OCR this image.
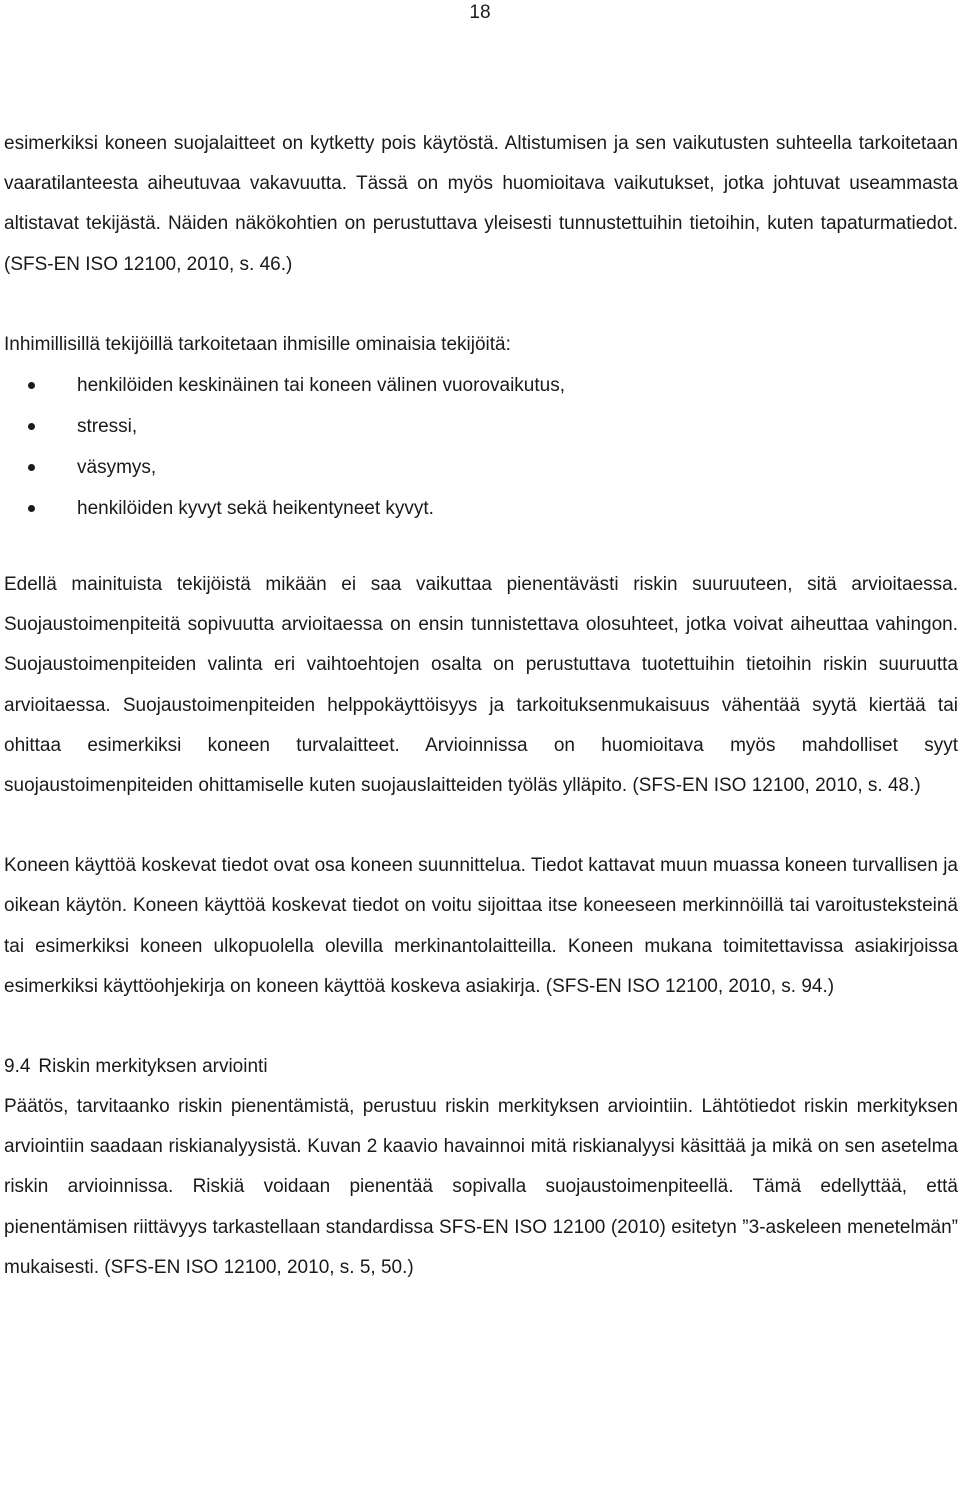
18

esimerkiksi koneen suojalaitteet on kytketty pois käytöstä. Altistumisen ja sen vaikutusten suhteella tarkoitetaan vaaratilanteesta aiheutuvaa vakavuutta. Tässä on myös huomioitava vaikutukset, jotka johtuvat useammasta altistavat tekijästä. Näiden näkökohtien on perustuttava yleisesti tunnustettuihin tietoihin, kuten tapaturmatiedot. (SFS-EN ISO 12100, 2010, s. 46.)

Inhimillisillä tekijöillä tarkoitetaan ihmisille ominaisia tekijöitä:

henkilöiden keskinäinen tai koneen välinen vuorovaikutus,
stressi,
väsymys,
henkilöiden kyvyt sekä heikentyneet kyvyt.

Edellä mainituista tekijöistä mikään ei saa vaikuttaa pienentävästi riskin suuruuteen, sitä arvioitaessa. Suojaustoimenpiteitä sopivuutta arvioitaessa on ensin tunnistettava olosuhteet, jotka voivat aiheuttaa vahingon. Suojaustoimenpiteiden valinta eri vaihtoehtojen osalta on perustuttava tuotettuihin tietoihin riskin suuruutta arvioitaessa. Suojaustoimenpiteiden helppokäyttöisyys ja tarkoituksenmukaisuus vähentää syytä kiertää tai ohittaa esimerkiksi koneen turvalaitteet. Arvioinnissa on huomioitava myös mahdolliset syyt suojaustoimenpiteiden ohittamiselle kuten suojauslaitteiden työläs ylläpito. (SFS-EN ISO 12100, 2010, s. 48.)

Koneen käyttöä koskevat tiedot ovat osa koneen suunnittelua. Tiedot kattavat muun muassa koneen turvallisen ja oikean käytön. Koneen käyttöä koskevat tiedot on voitu sijoittaa itse koneeseen merkinnöillä tai varoitusteksteinä tai esimerkiksi koneen ulkopuolella olevilla merkinantolaitteilla. Koneen mukana toimitettavissa asiakirjoissa esimerkiksi käyttöohjekirja on koneen käyttöä koskeva asiakirja. (SFS-EN ISO 12100, 2010, s. 94.)

9.4 Riskin merkityksen arviointi

Päätös, tarvitaanko riskin pienentämistä, perustuu riskin merkityksen arviointiin. Lähtötiedot riskin merkityksen arviointiin saadaan riskianalyysistä. Kuvan 2 kaavio havainnoi mitä riskianalyysi käsittää ja mikä on sen asetelma riskin arvioinnissa. Riskiä voidaan pienentää sopivalla suojaustoimenpiteellä. Tämä edellyttää, että pienentämisen riittävyys tarkastellaan standardissa SFS-EN ISO 12100 (2010) esitetyn ”3-askeleen menetelmän” mukaisesti. (SFS-EN ISO 12100, 2010, s. 5, 50.)
